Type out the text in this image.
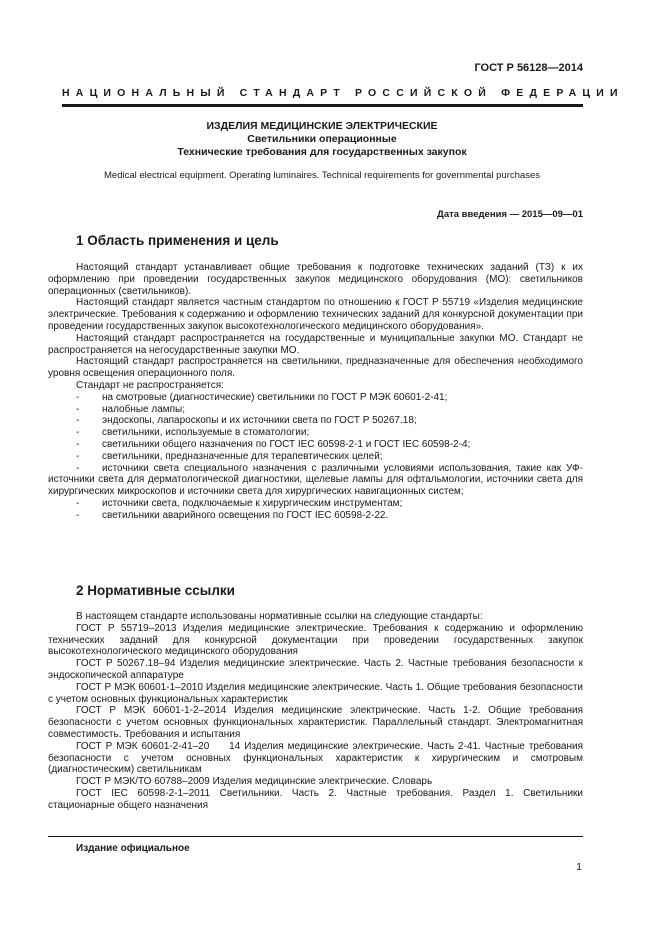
ГОСТ Р 56128—2014
НАЦИОНАЛЬНЫЙ СТАНДАРТ РОССИЙСКОЙ ФЕДЕРАЦИИ
ИЗДЕЛИЯ МЕДИЦИНСКИЕ ЭЛЕКТРИЧЕСКИЕ
Светильники операционные
Технические требования для государственных закупок
Medical electrical equipment. Operating luminaires. Technical requirements for governmental purchases
Дата введения — 2015—09—01
1 Область применения и цель

Настоящий стандарт устанавливает общие требования к подготовке технических заданий (ТЗ) к их оформлению при проведении государственных закупок медицинского оборудования (МО): светильников операционных (светильников).

Настоящий стандарт является частным стандартом по отношению к ГОСТ Р 55719 «Изделия медицинские электрические. Требования к содержанию и оформлению технических заданий для конкурсной документации при проведении государственных закупок высокотехнологического медицинского оборудования».

Настоящий стандарт распространяется на государственные и муниципальные закупки МО. Стандарт не распространяется на негосударственные закупки МО.

Настоящий стандарт распространяется на светильники, предназначенные для обеспечения необходимого уровня освещения операционного поля.

Стандарт не распространяется:

- на смотровые (диагностические) светильники по ГОСТ Р МЭК 60601-2-41;

- налобные лампы;

- эндоскопы, лапароскопы и их источники света по ГОСТ Р 50267.18;

- светильники, используемые в стоматологии;

- светильники общего назначения по ГОСТ IEC 60598-2-1 и ГОСТ IEC 60598-2-4;

- светильники, предназначенные для терапевтических целей;

- источники света специального назначения с различными условиями использования, такие как УФ-источники света для дерматологической диагностики, щелевые лампы для офтальмологии, источники света для хирургических микроскопов и источники света для хирургических навигационных систем;

- источники света, подключаемые к хирургическим инструментам;

- светильники аварийного освещения по ГОСТ IEC 60598-2-22.

2 Нормативные ссылки

В настоящем стандарте использованы нормативные ссылки на следующие стандарты:

ГОСТ Р 55719–2013 Изделия медицинские электрические. Требования к содержанию и оформлению технических заданий для конкурсной документации при проведении государственных закупок высокотехнологического медицинского оборудования

ГОСТ Р 50267.18–94 Изделия медицинские электрические. Часть 2. Частные требования безопасности к эндоскопической аппаратуре

ГОСТ Р МЭК 60601-1–2010 Изделия медицинские электрические. Часть 1. Общие требования безопасности с учетом основных функциональных характеристик

ГОСТ Р МЭК 60601-1-2–2014 Изделия медицинские электрические. Часть 1-2. Общие требования безопасности с учетом основных функциональных характеристик. Параллельный стандарт. Электромагнитная совместимость. Требования и испытания

ГОСТ Р МЭК 60601-2-41–20     14 Изделия медицинские электрические. Часть 2-41. Частные требования безопасности с учетом основных функциональных характеристик к хирургическим и смотровым (диагностическим) светильникам

ГОСТ Р МЭК/ТО 60788–2009 Изделия медицинские электрические. Словарь

ГОСТ IEC 60598-2-1–2011 Светильники. Часть 2. Частные требования. Раздел 1. Светильники стационарные общего назначения

Издание официальное
1
